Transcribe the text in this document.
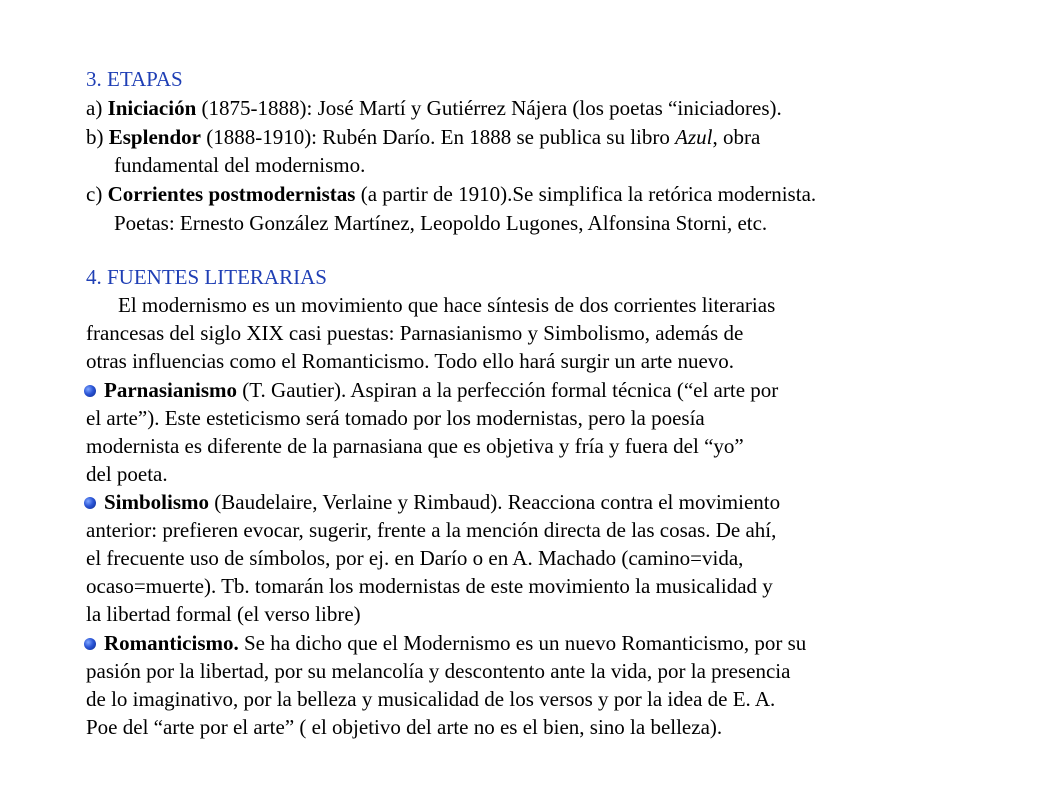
3. ETAPAS
a) Iniciación (1875-1888): José Martí y Gutiérrez Nájera (los poetas “iniciadores).
b) Esplendor (1888-1910): Rubén Darío. En 1888 se publica su libro Azul, obra
fundamental del modernismo.
c) Corrientes postmodernistas (a partir de 1910).Se simplifica la retórica modernista.
Poetas: Ernesto González Martínez, Leopoldo Lugones, Alfonsina Storni, etc.
4. FUENTES LITERARIAS
El modernismo es un movimiento que hace síntesis de dos corrientes literarias
francesas del siglo XIX casi puestas: Parnasianismo y Simbolismo, además de
otras influencias como el Romanticismo. Todo ello hará surgir un arte nuevo.
Parnasianismo (T. Gautier). Aspiran a la perfección formal técnica (“el arte por
el arte”). Este esteticismo será tomado por los modernistas, pero la poesía
modernista es diferente de la parnasiana que es objetiva y fría y fuera del “yo”
del poeta.
Simbolismo (Baudelaire, Verlaine y Rimbaud). Reacciona contra el movimiento
anterior: prefieren evocar, sugerir, frente a la mención directa de las cosas. De ahí,
el frecuente uso de símbolos, por ej. en Darío o en A. Machado (camino=vida,
ocaso=muerte). Tb. tomarán los modernistas de este movimiento la musicalidad y
la libertad formal (el verso libre)
Romanticismo. Se ha dicho que el Modernismo es un nuevo Romanticismo, por su
pasión por la libertad, por su melancolía y descontento ante la vida, por la presencia
de lo imaginativo, por la belleza y musicalidad de los versos y por la idea de E. A.
Poe del “arte por el arte” ( el objetivo del arte no es el bien, sino la belleza).
